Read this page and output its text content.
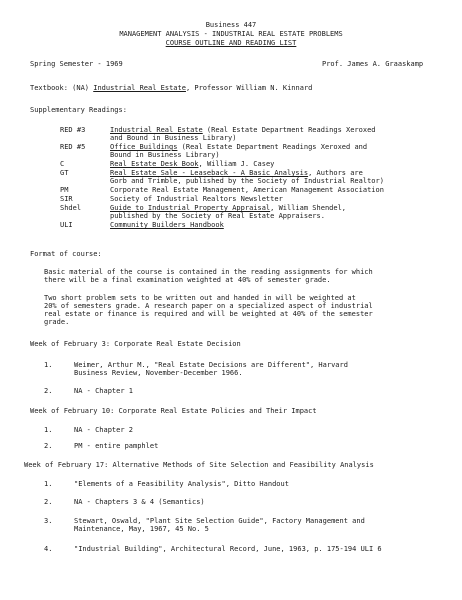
Business 447
MANAGEMENT ANALYSIS - INDUSTRIAL REAL ESTATE PROBLEMS
COURSE OUTLINE AND READING LIST
Spring Semester - 1969	Prof. James A. Graaskamp
Textbook: (NA) Industrial Real Estate, Professor William N. Kinnard
Supplementary Readings:
RED #3	Industrial Real Estate (Real Estate Department Readings Xeroxed
and Bound in Business Library)
RED #5	Office Buildings (Real Estate Department Readings Xeroxed and
Bound in Business Library)
C	Real Estate Desk Book, William J. Casey
GT	Real Estate Sale - Leaseback - A Basic Analysis, Authors are
Gorb and Trimble, published by the Society of Industrial Realtor)
PM	Corporate Real Estate Management, American Management Association
SIR	Society of Industrial Realtors Newsletter
Shdel	Guide to Industrial Property Appraisal, William Shendel,
published by the Society of Real Estate Appraisers.
ULI	Community Builders Handbook
Format of course:
Basic material of the course is contained in the reading assignments for which
there will be a final examination weighted at 40% of semester grade.
Two short problem sets to be written out and handed in will be weighted at
20% of semesters grade. A research paper on a specialized aspect of industrial
real estate or finance is required and will be weighted at 40% of the semester
grade.
Week of February 3: Corporate Real Estate Decision
1.	Weimer, Arthur M., "Real Estate Decisions are Different", Harvard
Business Review, November-December 1966.
2.	NA - Chapter 1
Week of February 10: Corporate Real Estate Policies and Their Impact
1.	NA - Chapter 2
2.	PM - entire pamphlet
Week of February 17: Alternative Methods of Site Selection and Feasibility Analysis
1.	"Elements of a Feasibility Analysis", Ditto Handout
2.	NA - Chapters 3 & 4 (Semantics)
3.	Stewart, Oswald, "Plant Site Selection Guide", Factory Management and
Maintenance, May, 1967, 45 No. 5
4.	"Industrial Building", Architectural Record, June, 1963, p. 175-194 ULI 6
